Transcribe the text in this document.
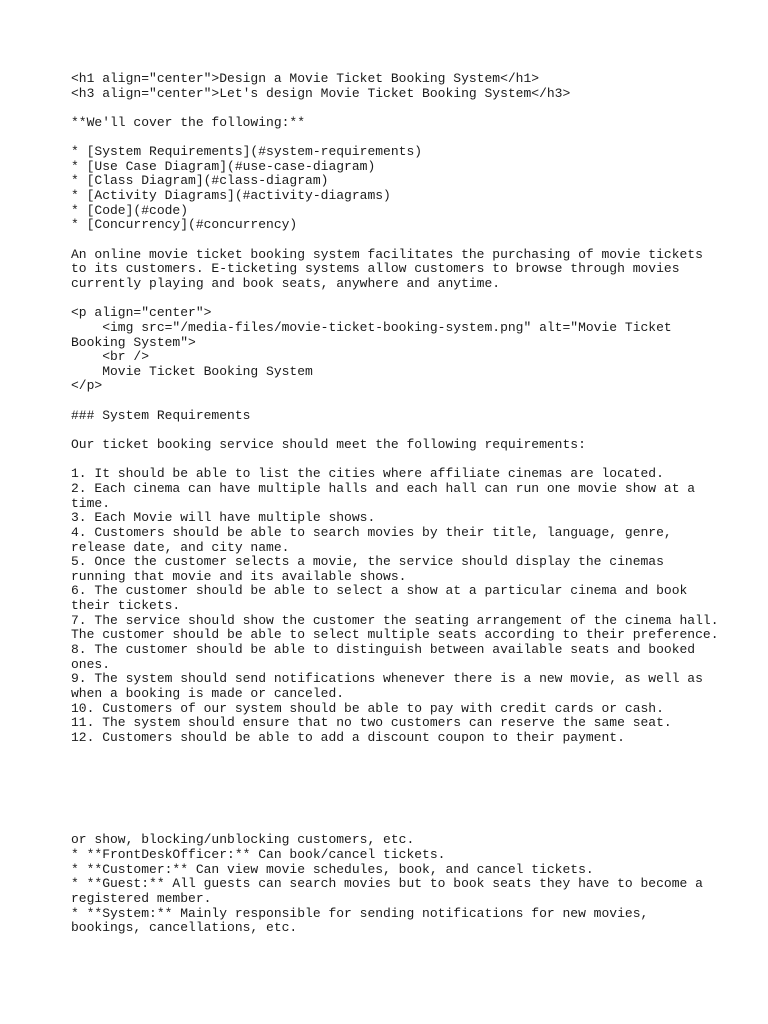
<h1 align="center">Design a Movie Ticket Booking System</h1>
<h3 align="center">Let's design Movie Ticket Booking System</h3>
**We'll cover the following:**
* [System Requirements](#system-requirements)
* [Use Case Diagram](#use-case-diagram)
* [Class Diagram](#class-diagram)
* [Activity Diagrams](#activity-diagrams)
* [Code](#code)
* [Concurrency](#concurrency)
An online movie ticket booking system facilitates the purchasing of movie tickets
to its customers. E-ticketing systems allow customers to browse through movies
currently playing and book seats, anywhere and anytime.
<p align="center">
<img src="/media-files/movie-ticket-booking-system.png" alt="Movie Ticket
Booking System">
<br />
Movie Ticket Booking System
</p>
### System Requirements
Our ticket booking service should meet the following requirements:
1. It should be able to list the cities where affiliate cinemas are located.
2. Each cinema can have multiple halls and each hall can run one movie show at a
time.
3. Each Movie will have multiple shows.
4. Customers should be able to search movies by their title, language, genre,
release date, and city name.
5. Once the customer selects a movie, the service should display the cinemas
running that movie and its available shows.
6. The customer should be able to select a show at a particular cinema and book
their tickets.
7. The service should show the customer the seating arrangement of the cinema hall.
The customer should be able to select multiple seats according to their preference.
8. The customer should be able to distinguish between available seats and booked
ones.
9. The system should send notifications whenever there is a new movie, as well as
when a booking is made or canceled.
10. Customers of our system should be able to pay with credit cards or cash.
11. The system should ensure that no two customers can reserve the same seat.
12. Customers should be able to add a discount coupon to their payment.
or show, blocking/unblocking customers, etc.
* **FrontDeskOfficer:** Can book/cancel tickets.
* **Customer:** Can view movie schedules, book, and cancel tickets.
* **Guest:** All guests can search movies but to book seats they have to become a
registered member.
* **System:** Mainly responsible for sending notifications for new movies,
bookings, cancellations, etc.
